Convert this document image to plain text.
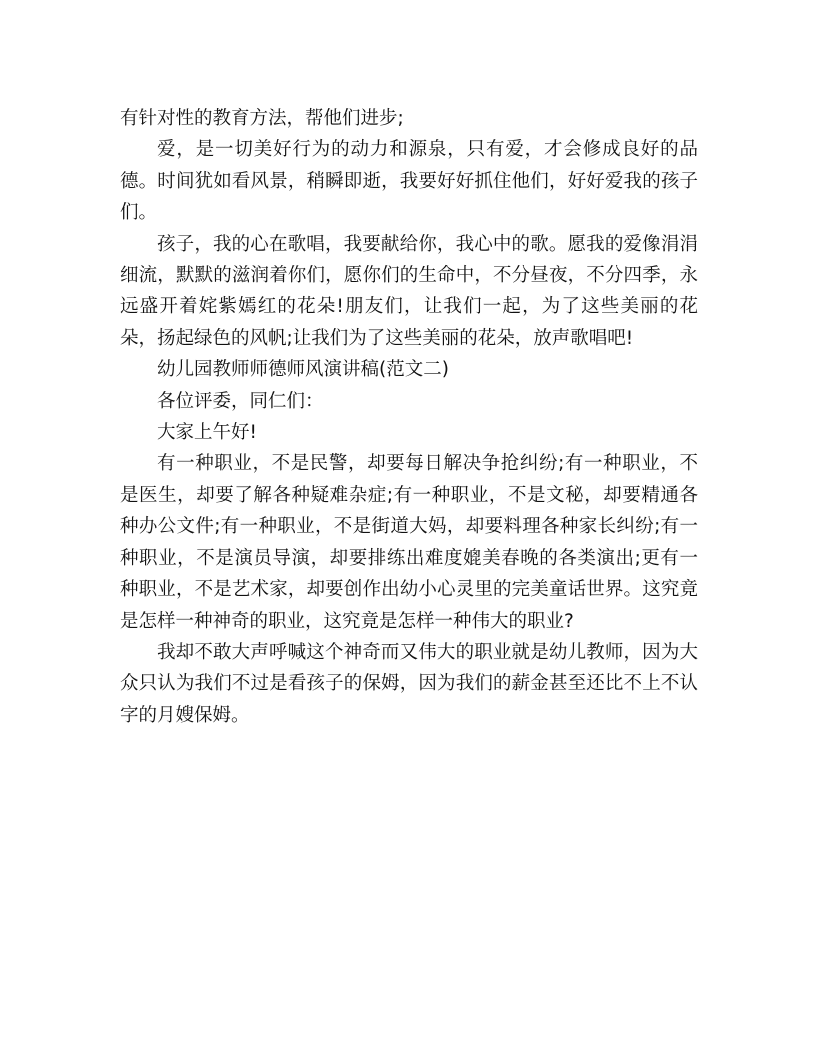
有针对性的教育方法，帮他们进步;

爱，是一切美好行为的动力和源泉，只有爱，才会修成良好的品德。时间犹如看风景，稍瞬即逝，我要好好抓住他们，好好爱我的孩子们。

孩子，我的心在歌唱，我要献给你，我心中的歌。愿我的爱像涓涓细流，默默的滋润着你们，愿你们的生命中，不分昼夜，不分四季，永远盛开着姹紫嫣红的花朵!朋友们，让我们一起，为了这些美丽的花朵，扬起绿色的风帆;让我们为了这些美丽的花朵，放声歌唱吧!

幼儿园教师师德师风演讲稿(范文二)

各位评委，同仁们：

大家上午好!

有一种职业，不是民警，却要每日解决争抢纠纷;有一种职业，不是医生，却要了解各种疑难杂症;有一种职业，不是文秘，却要精通各种办公文件;有一种职业，不是街道大妈，却要料理各种家长纠纷;有一种职业，不是演员导演，却要排练出难度媲美春晚的各类演出;更有一种职业，不是艺术家，却要创作出幼小心灵里的完美童话世界。这究竟是怎样一种神奇的职业，这究竟是怎样一种伟大的职业?

我却不敢大声呼喊这个神奇而又伟大的职业就是幼儿教师，因为大众只认为我们不过是看孩子的保姆，因为我们的薪金甚至还比不上不认字的月嫂保姆。
